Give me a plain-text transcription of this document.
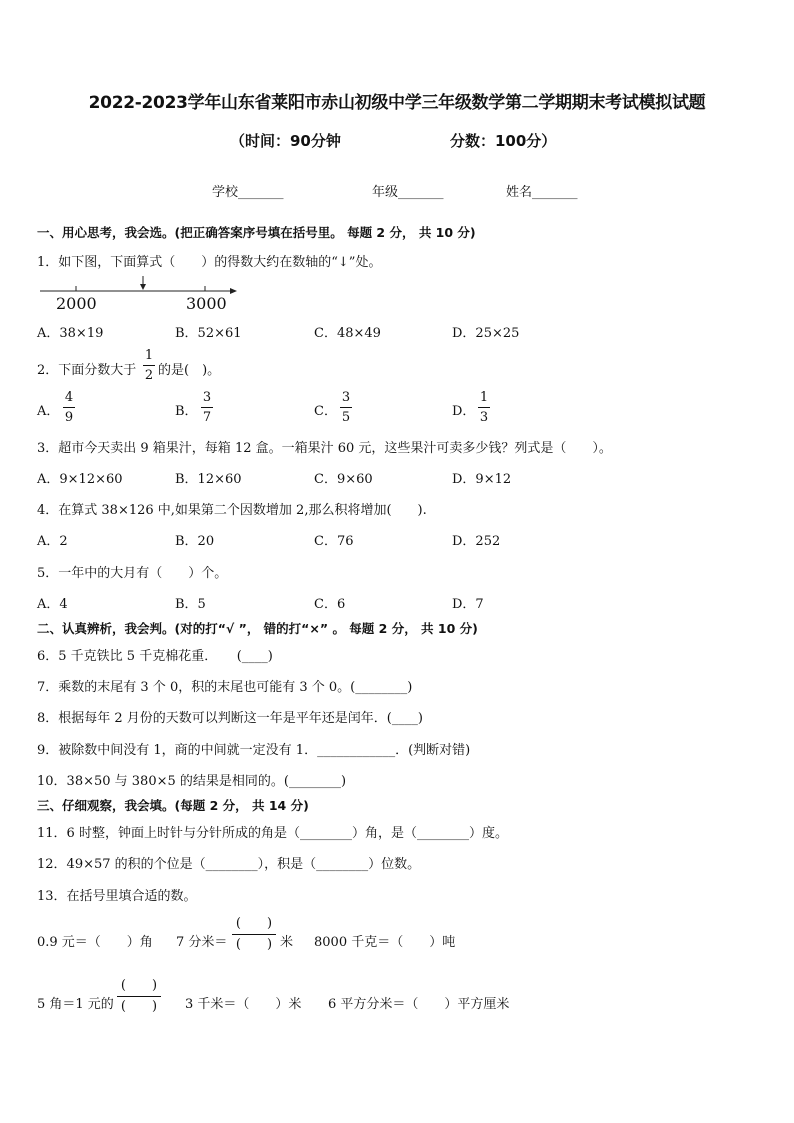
2022-2023学年山东省莱阳市赤山初级中学三年级数学第二学期期末考试模拟试题
（时间：90分钟	分数：100分）
学校_______	年级_______	姓名_______
一、用心思考，我会选。(把正确答案序号填在括号里。 每题 2 分， 共 10 分)
1．如下图，下面算式（　　）的得数大约在数轴的“↓”处。
2000	3000
A．38×19	B．52×61	C．48×49	D．25×25
2．下面分数大于
1
2 的是(　)。
A．
4
9	B．
3
7	C．
3
5	D．
1
3
3．超市今天卖出 9 箱果汁，每箱 12 盒。一箱果汁 60 元，这些果汁可卖多少钱？列式是（　　）。
A．9×12×60	B．12×60	C．9×60	D．9×12
4．在算式 38×126 中,如果第二个因数增加 2,那么积将增加(　　).
A．2	B．20	C．76	D．252
5．一年中的大月有（　　）个。
A．4	B．5	C．6	D．7
二、认真辨析，我会判。(对的打“√ ”， 错的打“×” 。 每题 2 分， 共 10 分)
6．5 千克铁比 5 千克棉花重．　　(____)
7．乘数的末尾有 3 个 0，积的末尾也可能有 3 个 0。(________)
8．根据每年 2 月份的天数可以判断这一年是平年还是闰年．(____)
9．被除数中间没有 1，商的中间就一定没有 1．____________．(判断对错)
10．38×50 与 380×5 的结果是相同的。(________)
三、仔细观察，我会填。(每题 2 分， 共 14 分)
11．6 时整，钟面上时针与分针所成的角是（________）角，是（________）度。
12．49×57 的积的个位是（________），积是（________）位数。
13．在括号里填合适的数。
0.9 元＝（　　）角 7 分米＝
(　　)
(　　) 米 8000 千克＝（　　）吨
5 角＝1 元的
(　　)
(　　) 3 千米＝（　　）米 6 平方分米＝（　　）平方厘米
